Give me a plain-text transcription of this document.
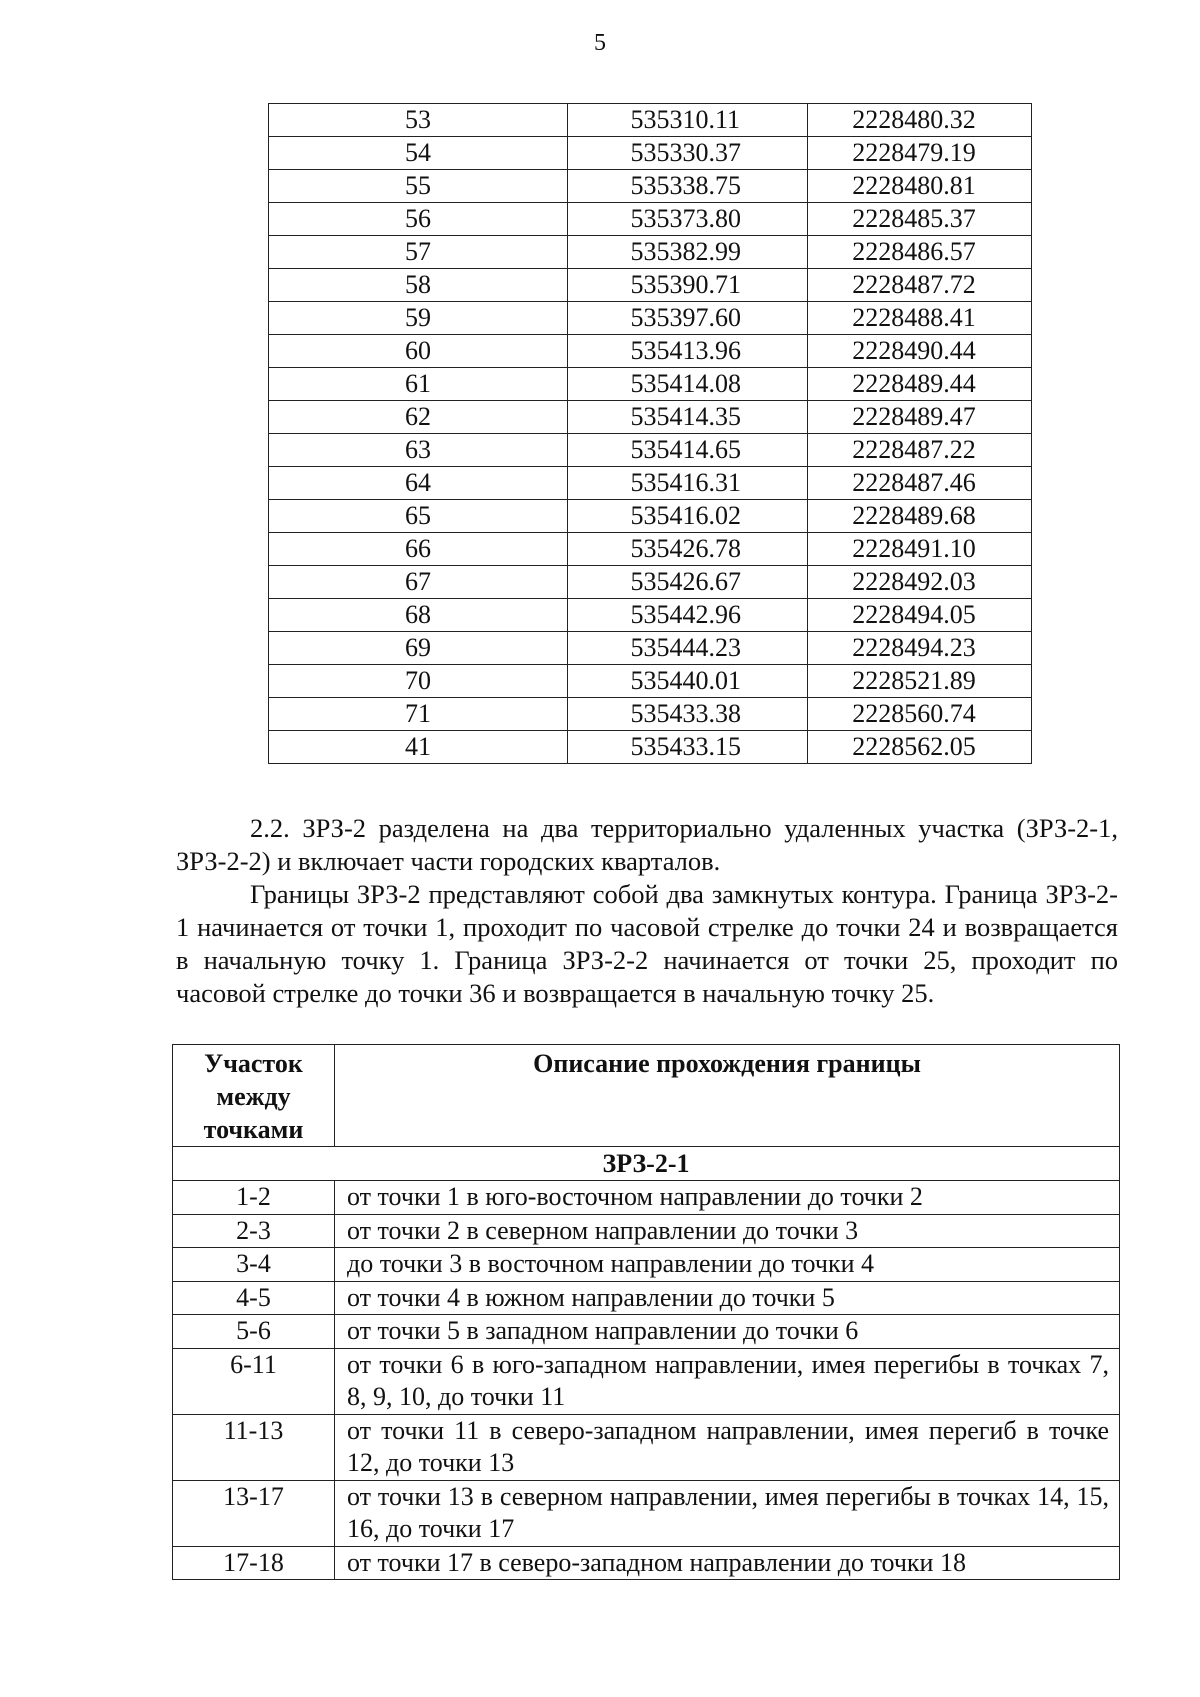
5
53	535310.11	2228480.32
54	535330.37	2228479.19
55	535338.75	2228480.81
56	535373.80	2228485.37
57	535382.99	2228486.57
58	535390.71	2228487.72
59	535397.60	2228488.41
60	535413.96	2228490.44
61	535414.08	2228489.44
62	535414.35	2228489.47
63	535414.65	2228487.22
64	535416.31	2228487.46
65	535416.02	2228489.68
66	535426.78	2228491.10
67	535426.67	2228492.03
68	535442.96	2228494.05
69	535444.23	2228494.23
70	535440.01	2228521.89
71	535433.38	2228560.74
41	535433.15	2228562.05

2.2. ЗРЗ-2 разделена на два территориально удаленных участка (ЗРЗ-2-1, ЗРЗ-2-2) и включает части городских кварталов.

Границы ЗРЗ-2 представляют собой два замкнутых контура. Граница ЗРЗ-2-1 начинается от точки 1, проходит по часовой стрелке до точки 24 и возвращается в начальную точку 1. Граница ЗРЗ-2-2 начинается от точки 25, проходит по часовой стрелке до точки 36 и возвращается в начальную точку 25.

Участок
между
точками	Описание прохождения границы
ЗРЗ-2-1	
1-2	от точки 1 в юго-восточном направлении до точки 2
2-3	от точки 2 в северном направлении до точки 3
3-4	до точки 3 в восточном направлении до точки 4
4-5	от точки 4 в южном направлении до точки 5
5-6	от точки 5 в западном направлении до точки 6
6-11	от точки 6 в юго-западном направлении, имея перегибы в точках 7, 8, 9, 10, до точки 11
11-13	от точки 11 в северо-западном направлении, имея перегиб в точке 12, до точки 13
13-17	от точки 13 в северном направлении, имея перегибы в точках 14, 15, 16, до точки 17
17-18	от точки 17 в северо-западном направлении до точки 18
